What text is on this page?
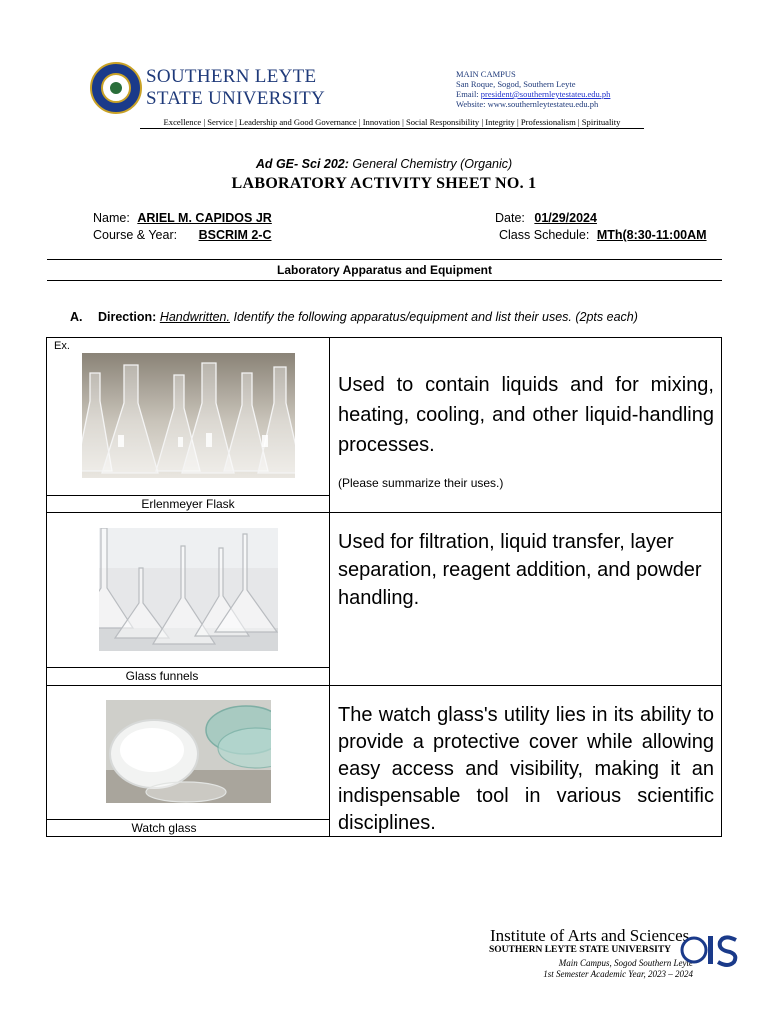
SOUTHERN LEYTE
STATE UNIVERSITY
MAIN CAMPUS
San Roque, Sogod, Southern Leyte
Email: president@southernleytestateu.edu.ph
Website: www.southernleytestateu.edu.ph
Excellence | Service | Leadership and Good Governance | Innovation | Social Responsibility | Integrity | Professionalism | Spirituality
Ad GE- Sci 202: General Chemistry (Organic)
LABORATORY ACTIVITY SHEET NO. 1
Name: ARIEL M. CAPIDOS JR
Course & Year: BSCRIM 2-C
Date: 01/29/2024
Class Schedule: MTh(8:30-11:00AM
Laboratory Apparatus and Equipment
A. Direction: Handwritten. Identify the following apparatus/equipment and list their uses. (2pts each)
Ex.
Erlenmeyer Flask
Used to contain liquids and for mixing, heating, cooling, and other liquid-handling processes.
(Please summarize their uses.)
Glass funnels
Used for filtration, liquid transfer, layer separation, reagent addition, and powder handling.
Watch glass
The watch glass's utility lies in its ability to provide a protective cover while allowing easy access and visibility, making it an indispensable tool in various scientific disciplines.
Institute of Arts and Sciences
SOUTHERN LEYTE STATE UNIVERSITY
Main Campus, Sogod Southern Leyte
1st Semester Academic Year, 2023 – 2024
